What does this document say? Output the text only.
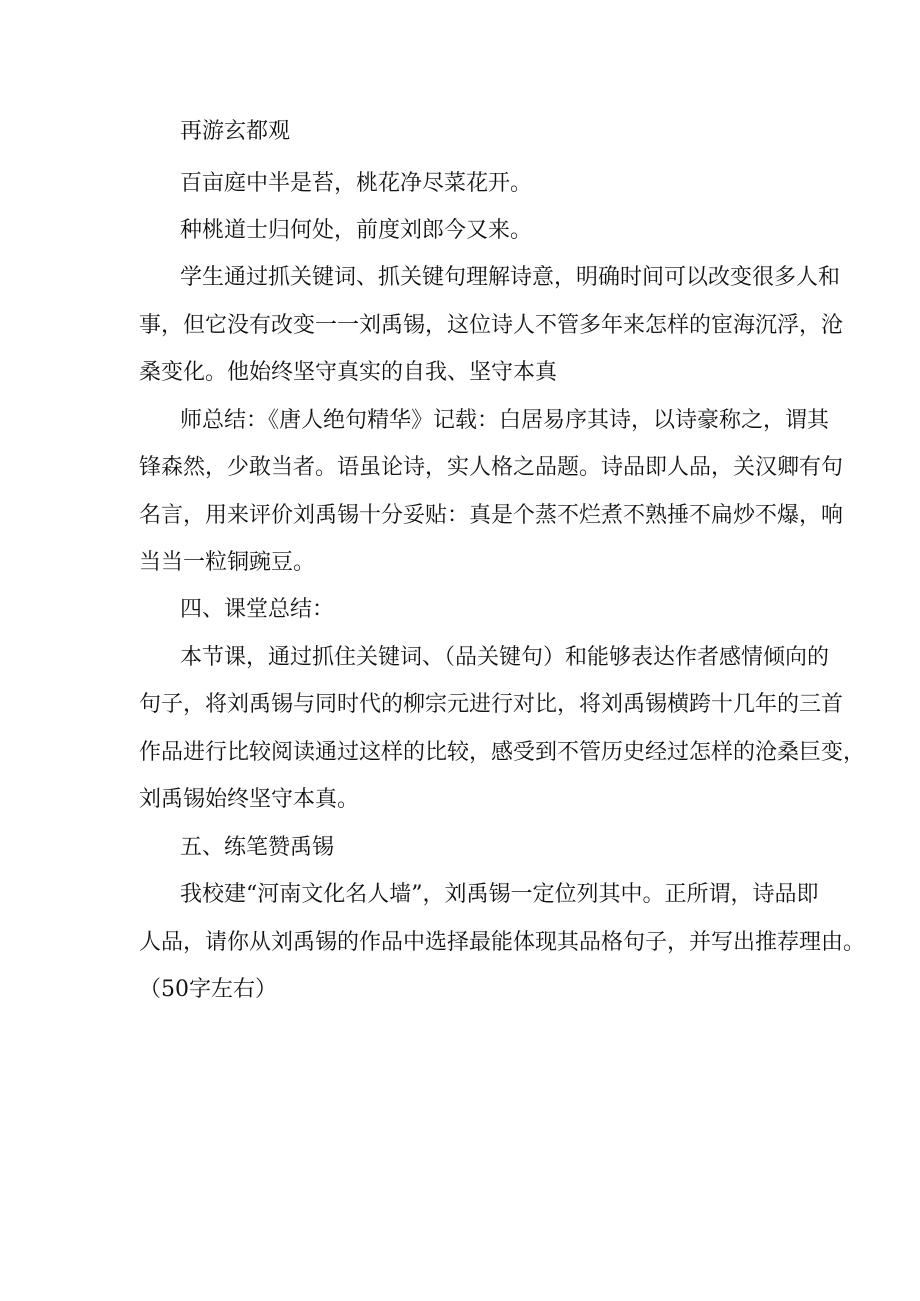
再游玄都观

百亩庭中半是苔，桃花净尽菜花开。

种桃道士归何处，前度刘郎今又来。

学生通过抓关键词、抓关键句理解诗意，明确时间可以改变很多人和

事，但它没有改变一一刘禹锡，这位诗人不管多年来怎样的宦海沉浮，沧

桑变化。他始终坚守真实的自我、坚守本真

师总结：《唐人绝句精华》记载：白居易序其诗，以诗豪称之，谓其

锋森然，少敢当者。语虽论诗，实人格之品题。诗品即人品，关汉卿有句

名言，用来评价刘禹锡十分妥贴：真是个蒸不烂煮不熟捶不扁炒不爆，响

当当一粒铜豌豆。

四、课堂总结：

本节课，通过抓住关键词、（品关键句）和能够表达作者感情倾向的

句子，将刘禹锡与同时代的柳宗元进行对比，将刘禹锡横跨十几年的三首

作品进行比较阅读通过这样的比较，感受到不管历史经过怎样的沧桑巨变，

刘禹锡始终坚守本真。

五、练笔赞禹锡

我校建“河南文化名人墙”，刘禹锡一定位列其中。正所谓，诗品即

人品，请你从刘禹锡的作品中选择最能体现其品格句子，并写出推荐理由。

（50字左右）
